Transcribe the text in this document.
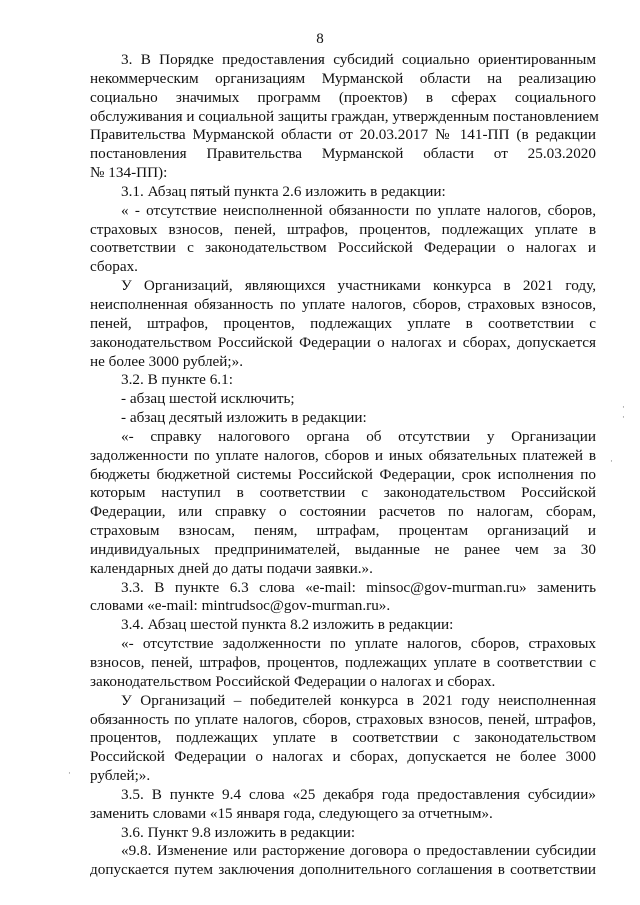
8
3. В Порядке предоставления субсидий социально ориентированным
некоммерческим организациям Мурманской области на реализацию
социально значимых программ (проектов) в сферах социального
обслуживания и социальной защиты граждан, утвержденным постановлением
Правительства Мурманской области от 20.03.2017 № 141-ПП (в редакции
постановления Правительства Мурманской области от 25.03.2020
№ 134-ПП):
3.1. Абзац пятый пункта 2.6 изложить в редакции:
« - отсутствие неисполненной обязанности по уплате налогов, сборов,
страховых взносов, пеней, штрафов, процентов, подлежащих уплате в
соответствии с законодательством Российской Федерации о налогах и
сборах.
У Организаций, являющихся участниками конкурса в 2021 году,
неисполненная обязанность по уплате налогов, сборов, страховых взносов,
пеней, штрафов, процентов, подлежащих уплате в соответствии с
законодательством Российской Федерации о налогах и сборах, допускается
не более 3000 рублей;».
3.2. В пункте 6.1:
- абзац шестой исключить;
- абзац десятый изложить в редакции:
«- справку налогового органа об отсутствии у Организации
задолженности по уплате налогов, сборов и иных обязательных платежей в
бюджеты бюджетной системы Российской Федерации, срок исполнения по
которым наступил в соответствии с законодательством Российской
Федерации, или справку о состоянии расчетов по налогам, сборам,
страховым взносам, пеням, штрафам, процентам организаций и
индивидуальных предпринимателей, выданные не ранее чем за 30
календарных дней до даты подачи заявки.».
3.3. В пункте 6.3 слова «e-mail: minsoc@gov-murman.ru» заменить
словами «e-mail: mintrudsoc@gov-murman.ru».
3.4. Абзац шестой пункта 8.2 изложить в редакции:
«- отсутствие задолженности по уплате налогов, сборов, страховых
взносов, пеней, штрафов, процентов, подлежащих уплате в соответствии с
законодательством Российской Федерации о налогах и сборах.
У Организаций – победителей конкурса в 2021 году неисполненная
обязанность по уплате налогов, сборов, страховых взносов, пеней, штрафов,
процентов, подлежащих уплате в соответствии с законодательством
Российской Федерации о налогах и сборах, допускается не более 3000
рублей;».
3.5. В пункте 9.4 слова «25 декабря года предоставления субсидии»
заменить словами «15 января года, следующего за отчетным».
3.6. Пункт 9.8 изложить в редакции:
«9.8. Изменение или расторжение договора о предоставлении субсидии
допускается путем заключения дополнительного соглашения в соответствии
·
·
·
·
